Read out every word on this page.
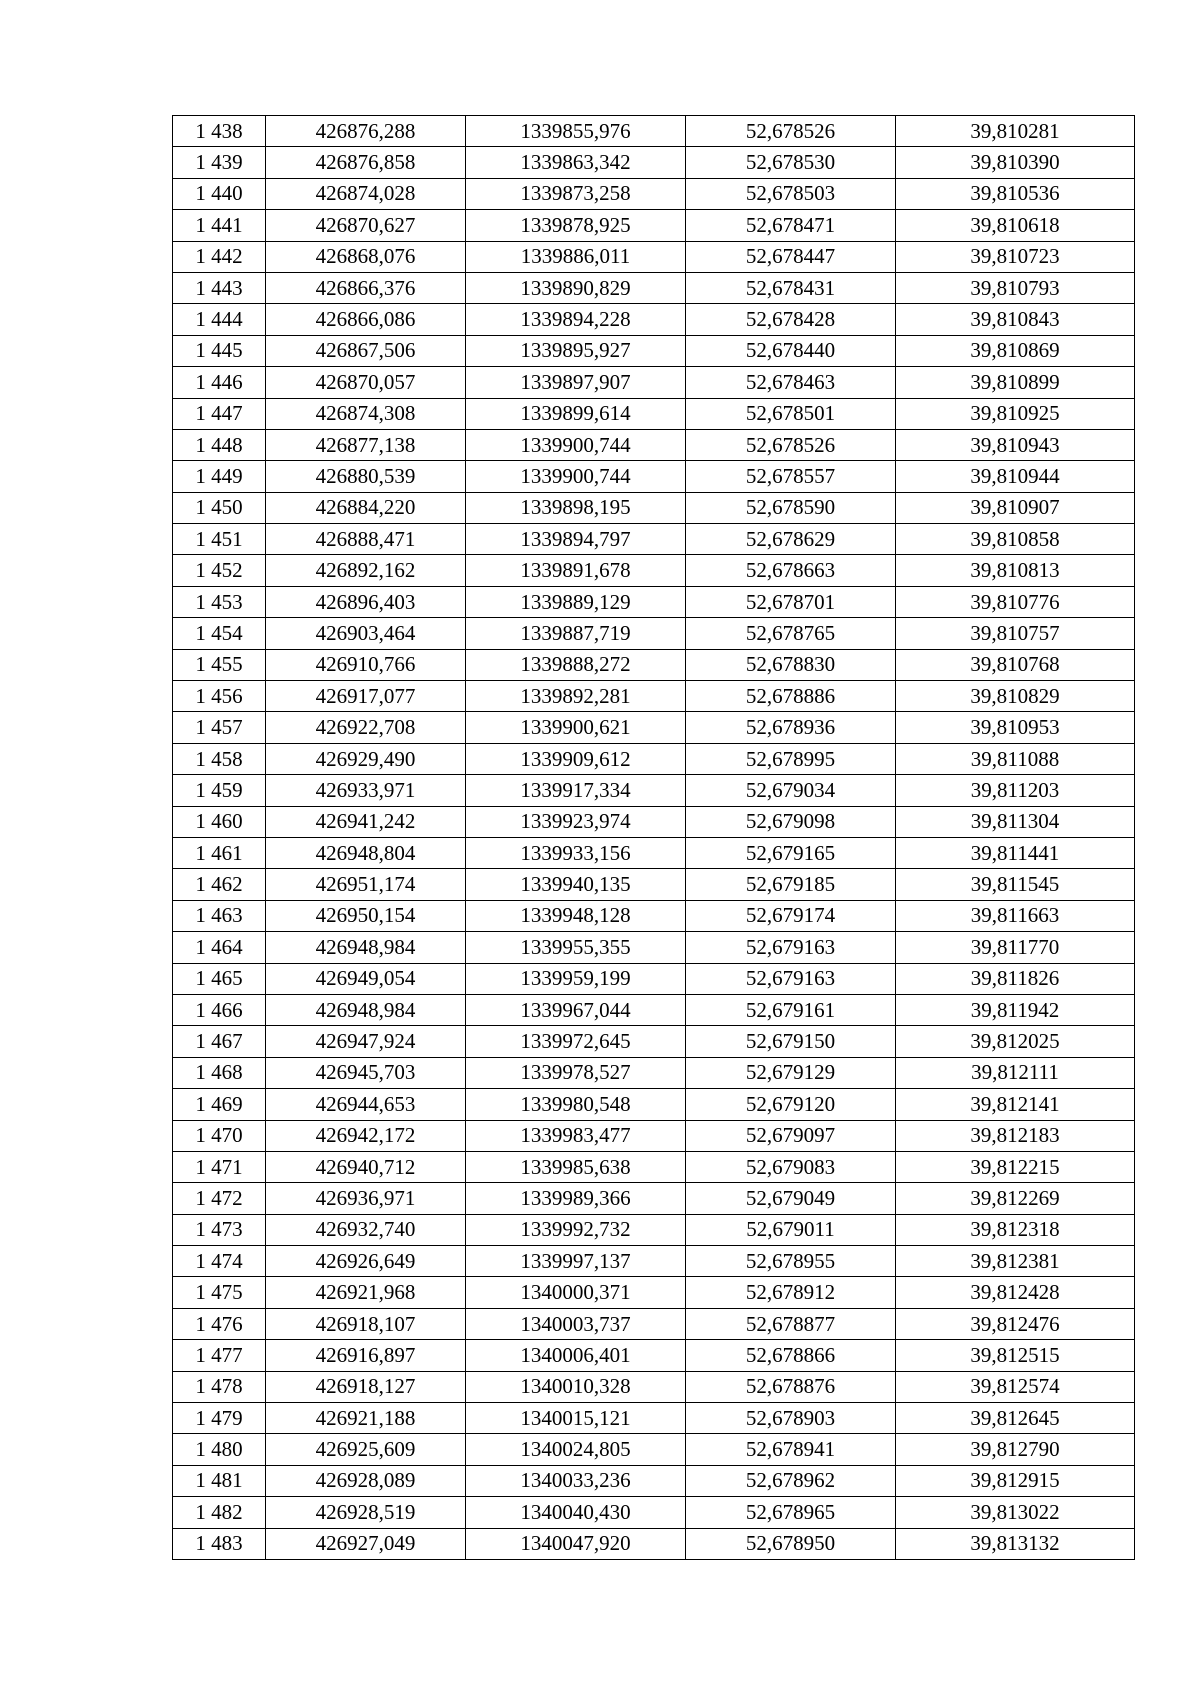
1 438	426876,288	1339855,976	52,678526	39,810281
1 439	426876,858	1339863,342	52,678530	39,810390
1 440	426874,028	1339873,258	52,678503	39,810536
1 441	426870,627	1339878,925	52,678471	39,810618
1 442	426868,076	1339886,011	52,678447	39,810723
1 443	426866,376	1339890,829	52,678431	39,810793
1 444	426866,086	1339894,228	52,678428	39,810843
1 445	426867,506	1339895,927	52,678440	39,810869
1 446	426870,057	1339897,907	52,678463	39,810899
1 447	426874,308	1339899,614	52,678501	39,810925
1 448	426877,138	1339900,744	52,678526	39,810943
1 449	426880,539	1339900,744	52,678557	39,810944
1 450	426884,220	1339898,195	52,678590	39,810907
1 451	426888,471	1339894,797	52,678629	39,810858
1 452	426892,162	1339891,678	52,678663	39,810813
1 453	426896,403	1339889,129	52,678701	39,810776
1 454	426903,464	1339887,719	52,678765	39,810757
1 455	426910,766	1339888,272	52,678830	39,810768
1 456	426917,077	1339892,281	52,678886	39,810829
1 457	426922,708	1339900,621	52,678936	39,810953
1 458	426929,490	1339909,612	52,678995	39,811088
1 459	426933,971	1339917,334	52,679034	39,811203
1 460	426941,242	1339923,974	52,679098	39,811304
1 461	426948,804	1339933,156	52,679165	39,811441
1 462	426951,174	1339940,135	52,679185	39,811545
1 463	426950,154	1339948,128	52,679174	39,811663
1 464	426948,984	1339955,355	52,679163	39,811770
1 465	426949,054	1339959,199	52,679163	39,811826
1 466	426948,984	1339967,044	52,679161	39,811942
1 467	426947,924	1339972,645	52,679150	39,812025
1 468	426945,703	1339978,527	52,679129	39,812111
1 469	426944,653	1339980,548	52,679120	39,812141
1 470	426942,172	1339983,477	52,679097	39,812183
1 471	426940,712	1339985,638	52,679083	39,812215
1 472	426936,971	1339989,366	52,679049	39,812269
1 473	426932,740	1339992,732	52,679011	39,812318
1 474	426926,649	1339997,137	52,678955	39,812381
1 475	426921,968	1340000,371	52,678912	39,812428
1 476	426918,107	1340003,737	52,678877	39,812476
1 477	426916,897	1340006,401	52,678866	39,812515
1 478	426918,127	1340010,328	52,678876	39,812574
1 479	426921,188	1340015,121	52,678903	39,812645
1 480	426925,609	1340024,805	52,678941	39,812790
1 481	426928,089	1340033,236	52,678962	39,812915
1 482	426928,519	1340040,430	52,678965	39,813022
1 483	426927,049	1340047,920	52,678950	39,813132
